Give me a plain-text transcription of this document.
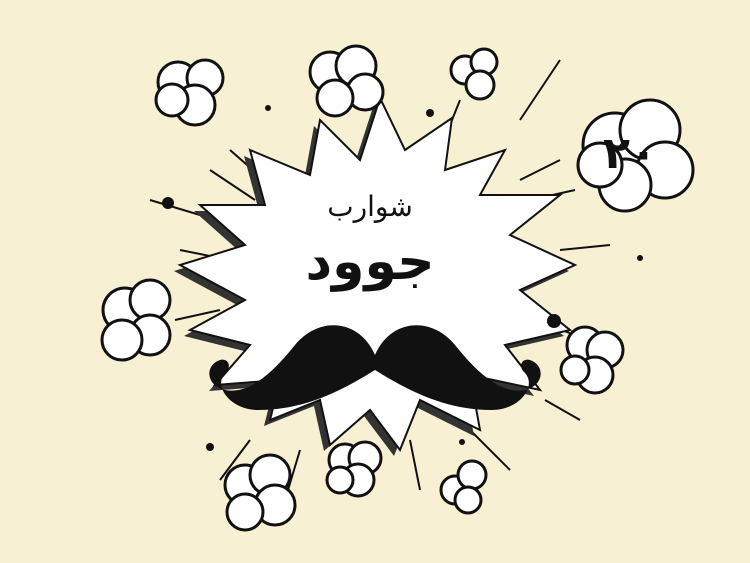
شوارب
جوود
٢٠
